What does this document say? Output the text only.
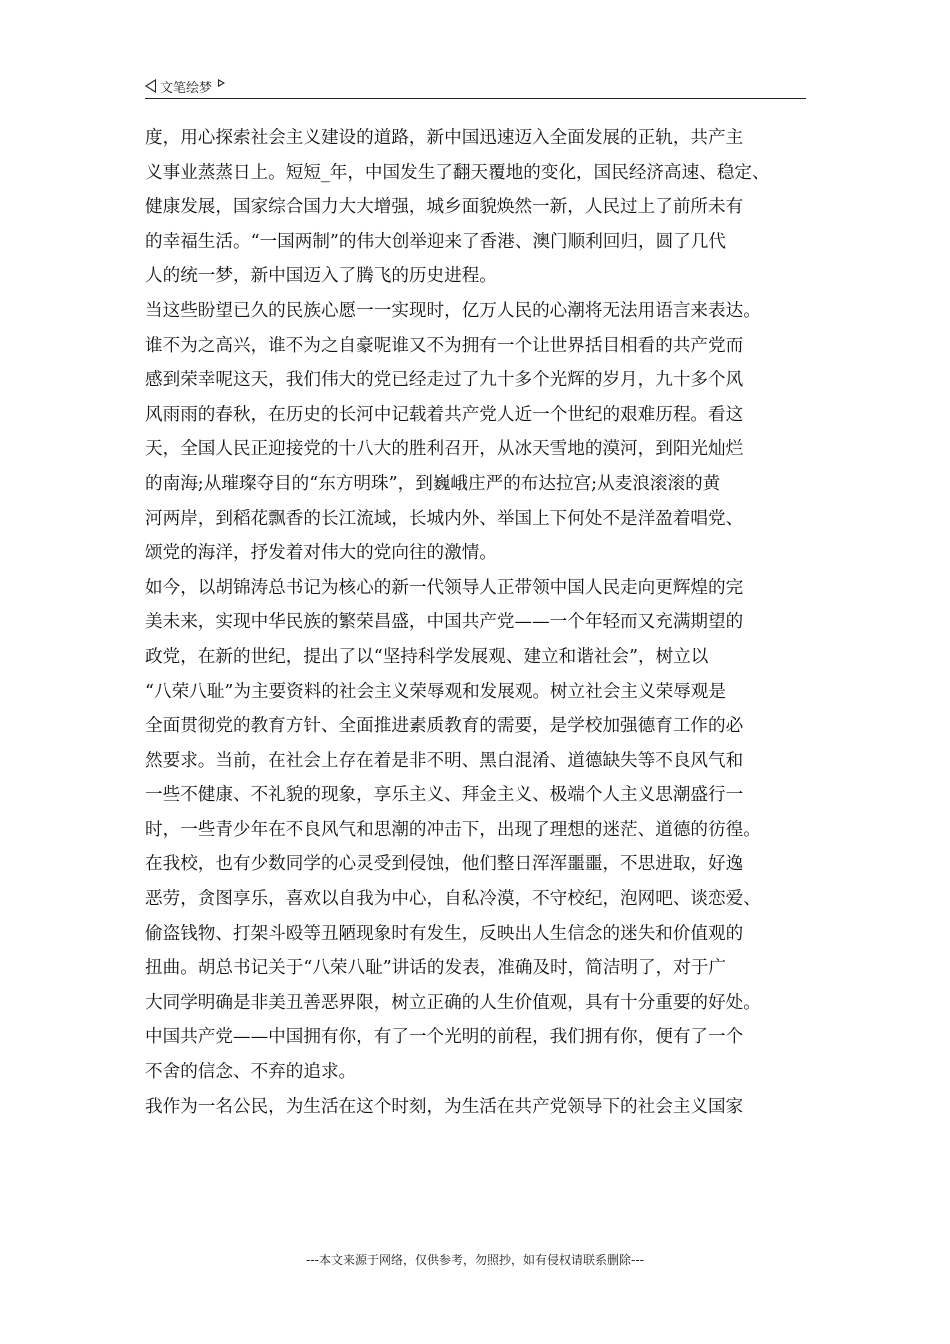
文笔绘梦
度，用心探索社会主义建设的道路，新中国迅速迈入全面发展的正轨，共产主
义事业蒸蒸日上。短短_年，中国发生了翻天覆地的变化，国民经济高速、稳定、
健康发展，国家综合国力大大增强，城乡面貌焕然一新，人民过上了前所未有
的幸福生活。“一国两制”的伟大创举迎来了香港、澳门顺利回归，圆了几代
人的统一梦，新中国迈入了腾飞的历史进程。
当这些盼望已久的民族心愿一一实现时，亿万人民的心潮将无法用语言来表达。
谁不为之高兴，谁不为之自豪呢谁又不为拥有一个让世界括目相看的共产党而
感到荣幸呢这天，我们伟大的党已经走过了九十多个光辉的岁月，九十多个风
风雨雨的春秋，在历史的长河中记载着共产党人近一个世纪的艰难历程。看这
天，全国人民正迎接党的十八大的胜利召开，从冰天雪地的漠河，到阳光灿烂
的南海;从璀璨夺目的“东方明珠”，到巍峨庄严的布达拉宫;从麦浪滚滚的黄
河两岸，到稻花飘香的长江流域，长城内外、举国上下何处不是洋盈着唱党、
颂党的海洋，抒发着对伟大的党向往的激情。
如今，以胡锦涛总书记为核心的新一代领导人正带领中国人民走向更辉煌的完
美未来，实现中华民族的繁荣昌盛，中国共产党——一个年轻而又充满期望的
政党，在新的世纪，提出了以“坚持科学发展观、建立和谐社会”，树立以
“八荣八耻”为主要资料的社会主义荣辱观和发展观。树立社会主义荣辱观是
全面贯彻党的教育方针、全面推进素质教育的需要，是学校加强德育工作的必
然要求。当前，在社会上存在着是非不明、黑白混淆、道德缺失等不良风气和
一些不健康、不礼貌的现象，享乐主义、拜金主义、极端个人主义思潮盛行一
时，一些青少年在不良风气和思潮的冲击下，出现了理想的迷茫、道德的彷徨。
在我校，也有少数同学的心灵受到侵蚀，他们整日浑浑噩噩，不思进取，好逸
恶劳，贪图享乐，喜欢以自我为中心，自私冷漠，不守校纪，泡网吧、谈恋爱、
偷盗钱物、打架斗殴等丑陋现象时有发生，反映出人生信念的迷失和价值观的
扭曲。胡总书记关于“八荣八耻”讲话的发表，准确及时，简洁明了，对于广
大同学明确是非美丑善恶界限，树立正确的人生价值观，具有十分重要的好处。
中国共产党——中国拥有你，有了一个光明的前程，我们拥有你，便有了一个
不舍的信念、不弃的追求。
我作为一名公民，为生活在这个时刻，为生活在共产党领导下的社会主义国家
---本文来源于网络，仅供参考，勿照抄，如有侵权请联系删除---
